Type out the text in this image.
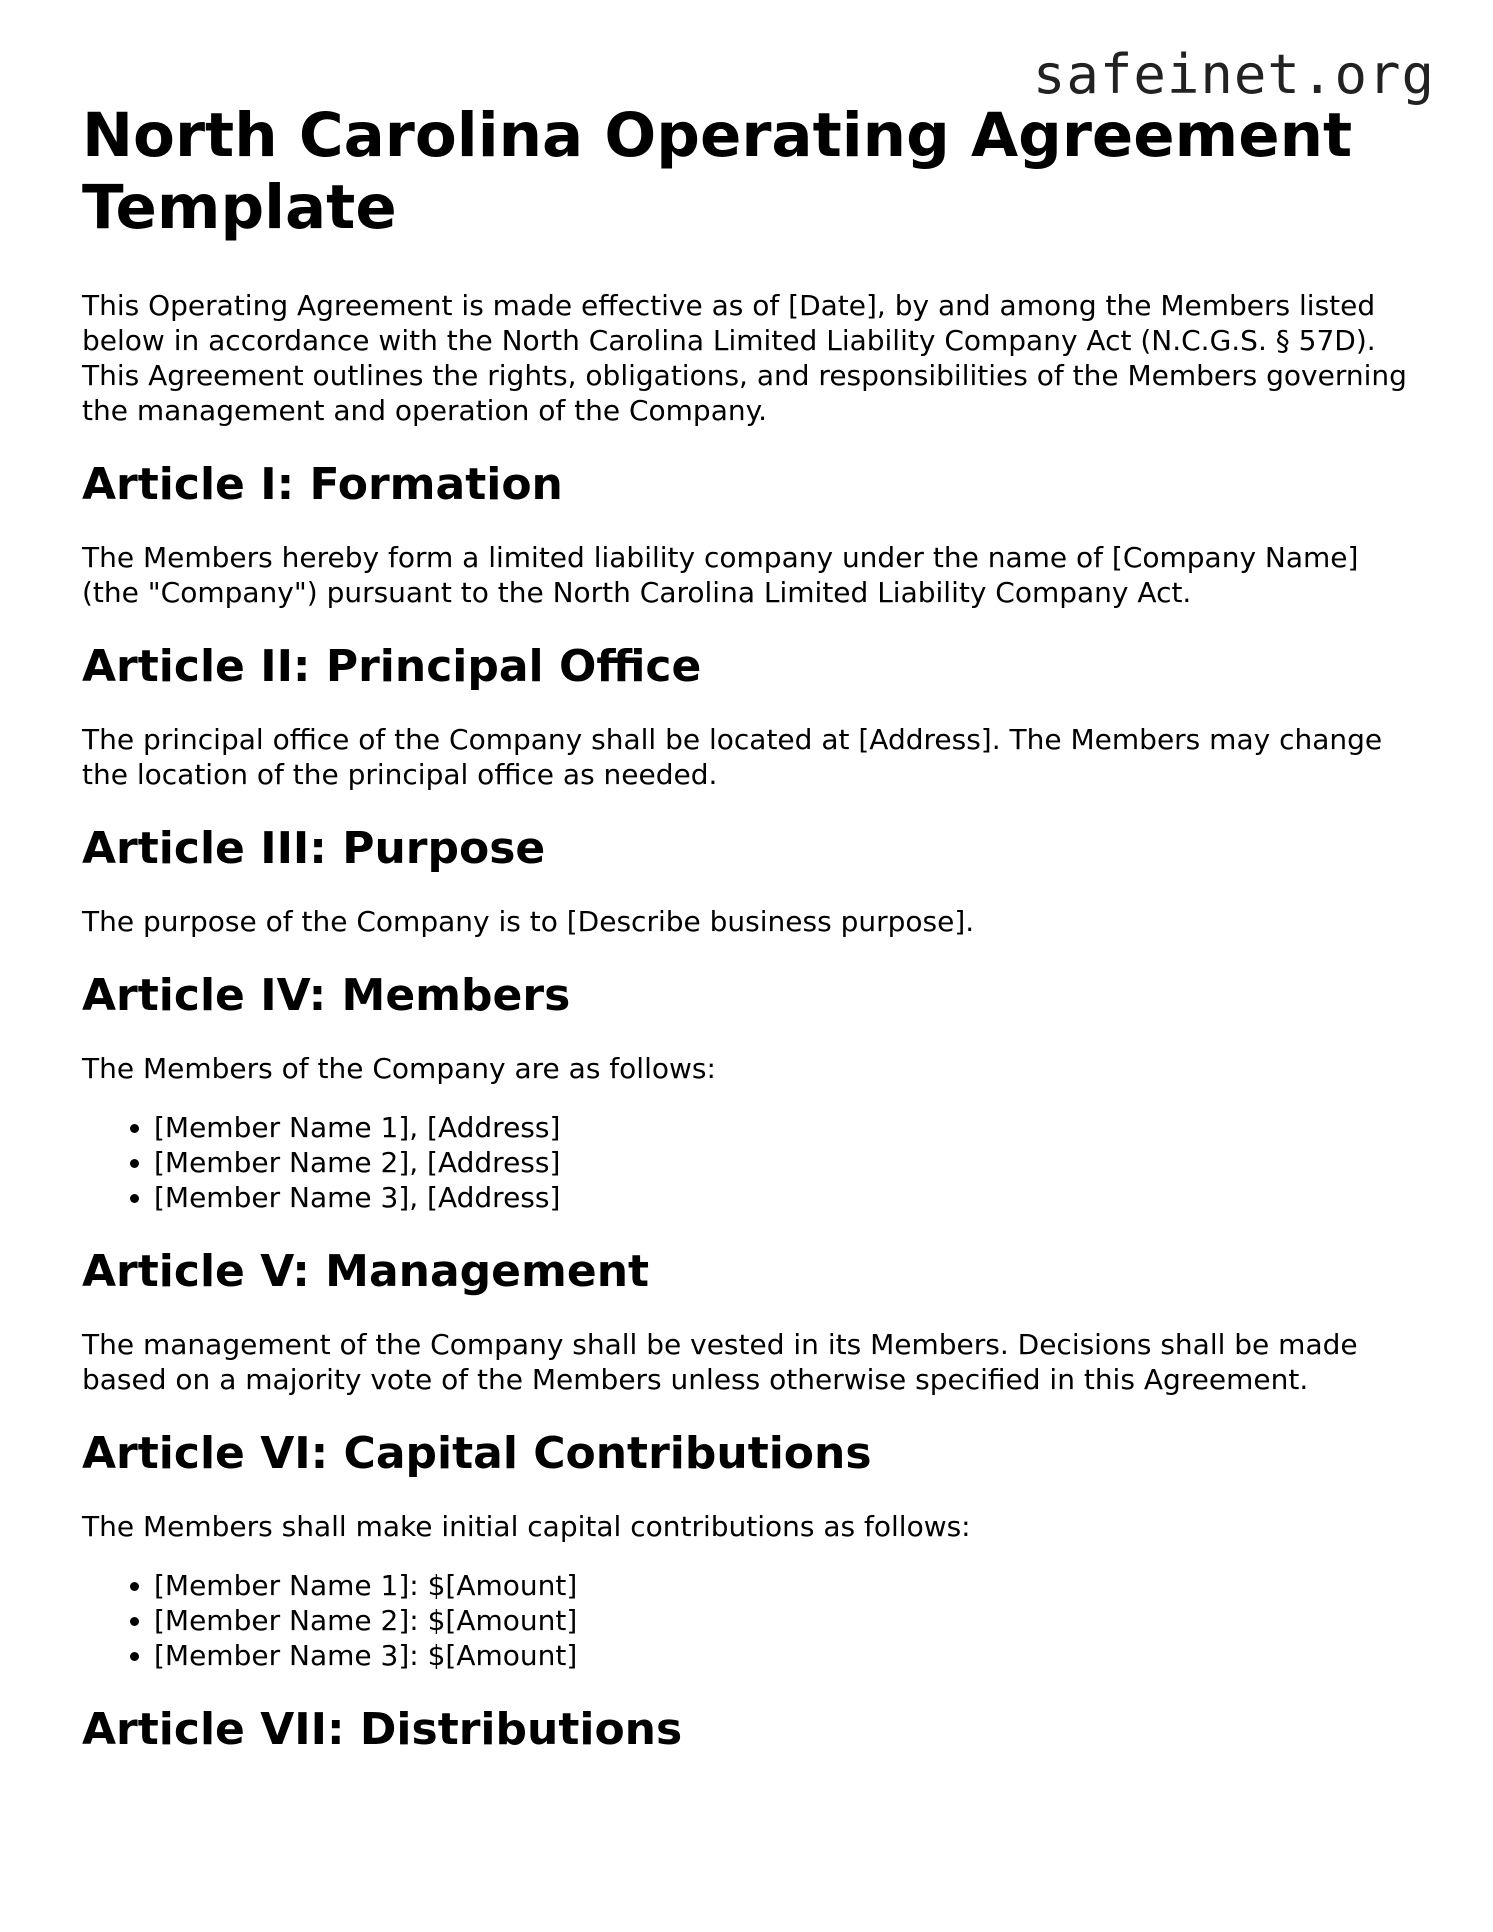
safeinet.org
North Carolina Operating Agreement Template

This Operating Agreement is made effective as of [Date], by and among the Members listed below in accordance with the North Carolina Limited Liability Company Act (N.C.G.S. § 57D). This Agreement outlines the rights, obligations, and responsibilities of the Members governing the management and operation of the Company.

Article I: Formation

The Members hereby form a limited liability company under the name of [Company Name] (the "Company") pursuant to the North Carolina Limited Liability Company Act.

Article II: Principal Office

The principal office of the Company shall be located at [Address]. The Members may change the location of the principal office as needed.

Article III: Purpose

The purpose of the Company is to [Describe business purpose].

Article IV: Members

The Members of the Company are as follows:

• [Member Name 1], [Address]
• [Member Name 2], [Address]
• [Member Name 3], [Address]
Article V: Management

The management of the Company shall be vested in its Members. Decisions shall be made based on a majority vote of the Members unless otherwise specified in this Agreement.

Article VI: Capital Contributions

The Members shall make initial capital contributions as follows:

• [Member Name 1]: $[Amount]
• [Member Name 2]: $[Amount]
• [Member Name 3]: $[Amount]
Article VII: Distributions
